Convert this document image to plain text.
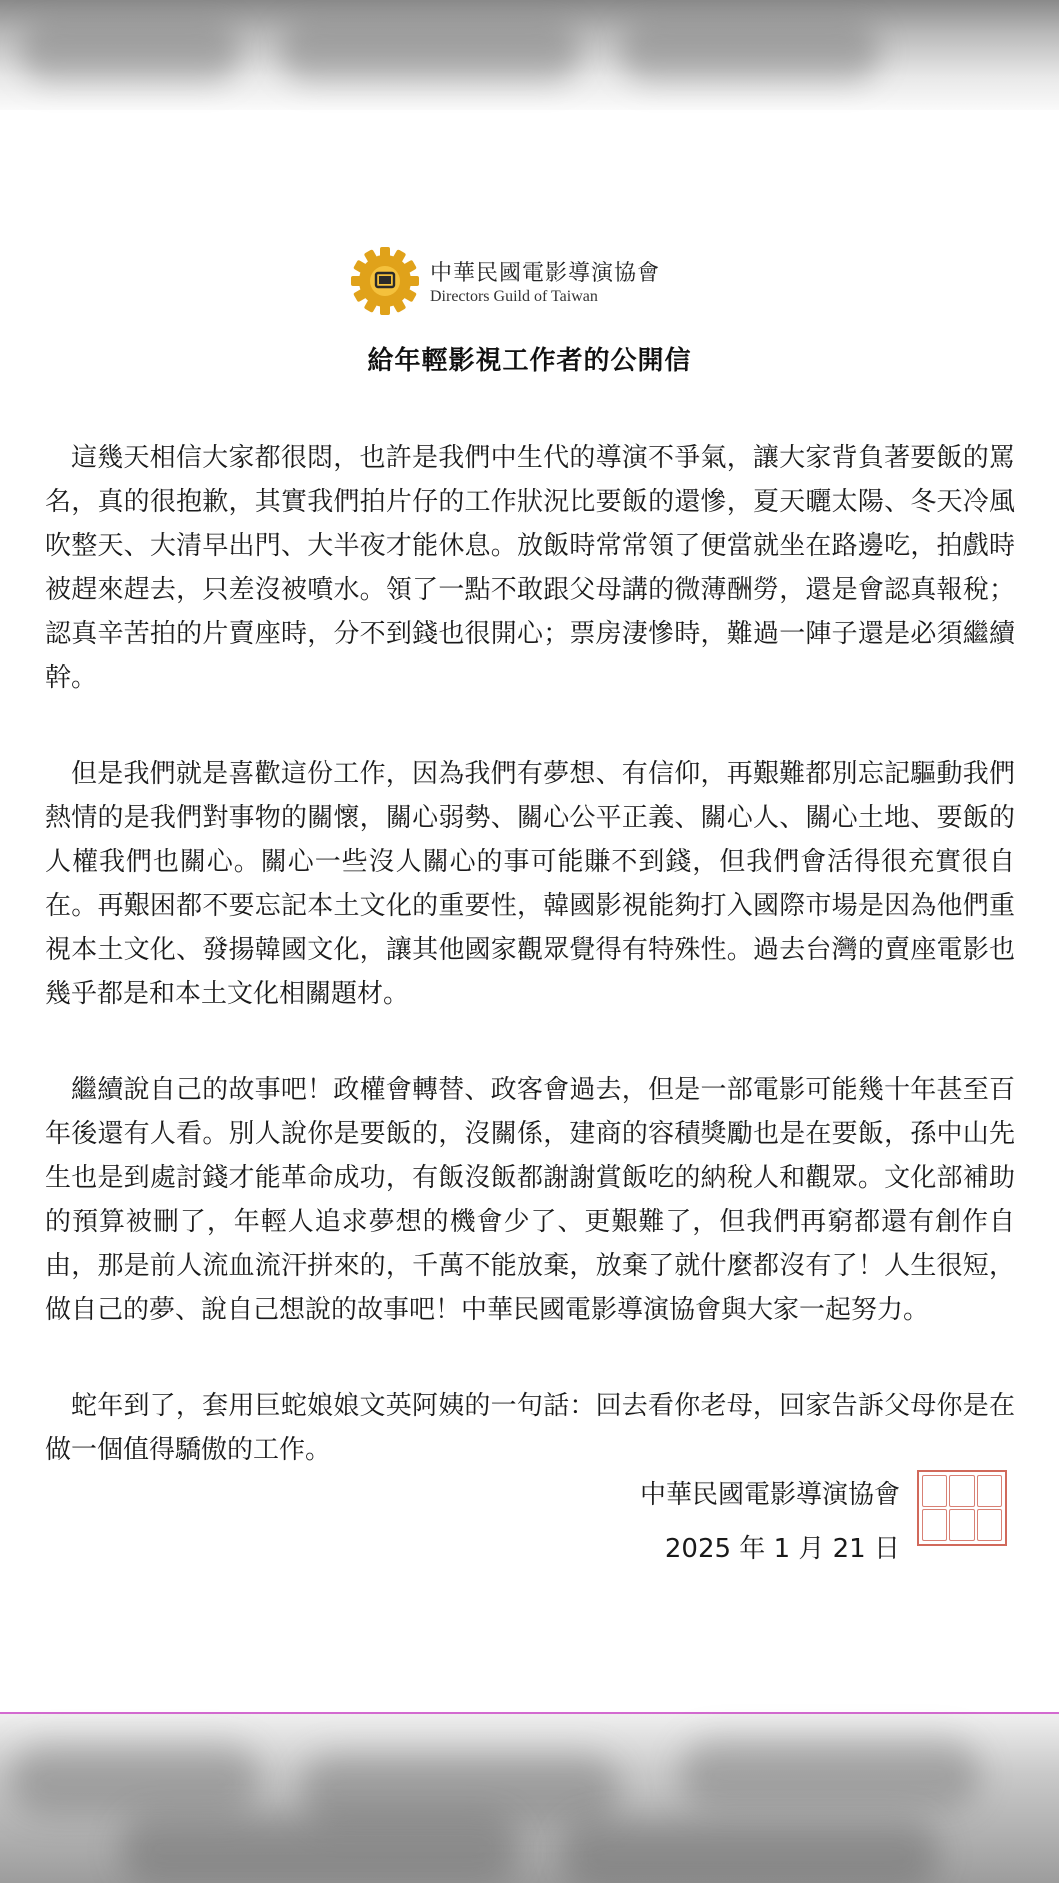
中華民國電影導演協會
Directors Guild of Taiwan
給年輕影視工作者的公開信

這幾天相信大家都很悶，也許是我們中生代的導演不爭氣，讓大家背負著要飯的罵名，真的很抱歉，其實我們拍片仔的工作狀況比要飯的還慘，夏天曬太陽、冬天冷風吹整天、大清早出門、大半夜才能休息。放飯時常常領了便當就坐在路邊吃，拍戲時被趕來趕去，只差沒被噴水。領了一點不敢跟父母講的微薄酬勞，還是會認真報稅；認真辛苦拍的片賣座時，分不到錢也很開心；票房淒慘時，難過一陣子還是必須繼續幹。

但是我們就是喜歡這份工作，因為我們有夢想、有信仰，再艱難都別忘記驅動我們熱情的是我們對事物的關懷，關心弱勢、關心公平正義、關心人、關心土地、要飯的人權我們也關心。關心一些沒人關心的事可能賺不到錢，但我們會活得很充實很自在。再艱困都不要忘記本土文化的重要性，韓國影視能夠打入國際市場是因為他們重視本土文化、發揚韓國文化，讓其他國家觀眾覺得有特殊性。過去台灣的賣座電影也幾乎都是和本土文化相關題材。

繼續說自己的故事吧！政權會轉替、政客會過去，但是一部電影可能幾十年甚至百年後還有人看。別人說你是要飯的，沒關係，建商的容積獎勵也是在要飯，孫中山先生也是到處討錢才能革命成功，有飯沒飯都謝謝賞飯吃的納稅人和觀眾。文化部補助的預算被刪了，年輕人追求夢想的機會少了、更艱難了，但我們再窮都還有創作自由，那是前人流血流汗拼來的，千萬不能放棄，放棄了就什麼都沒有了！人生很短，做自己的夢、說自己想說的故事吧！中華民國電影導演協會與大家一起努力。

蛇年到了，套用巨蛇娘娘文英阿姨的一句話：回去看你老母，回家告訴父母你是在做一個值得驕傲的工作。

中華民國電影導演協會
2025 年 1 月 21 日
